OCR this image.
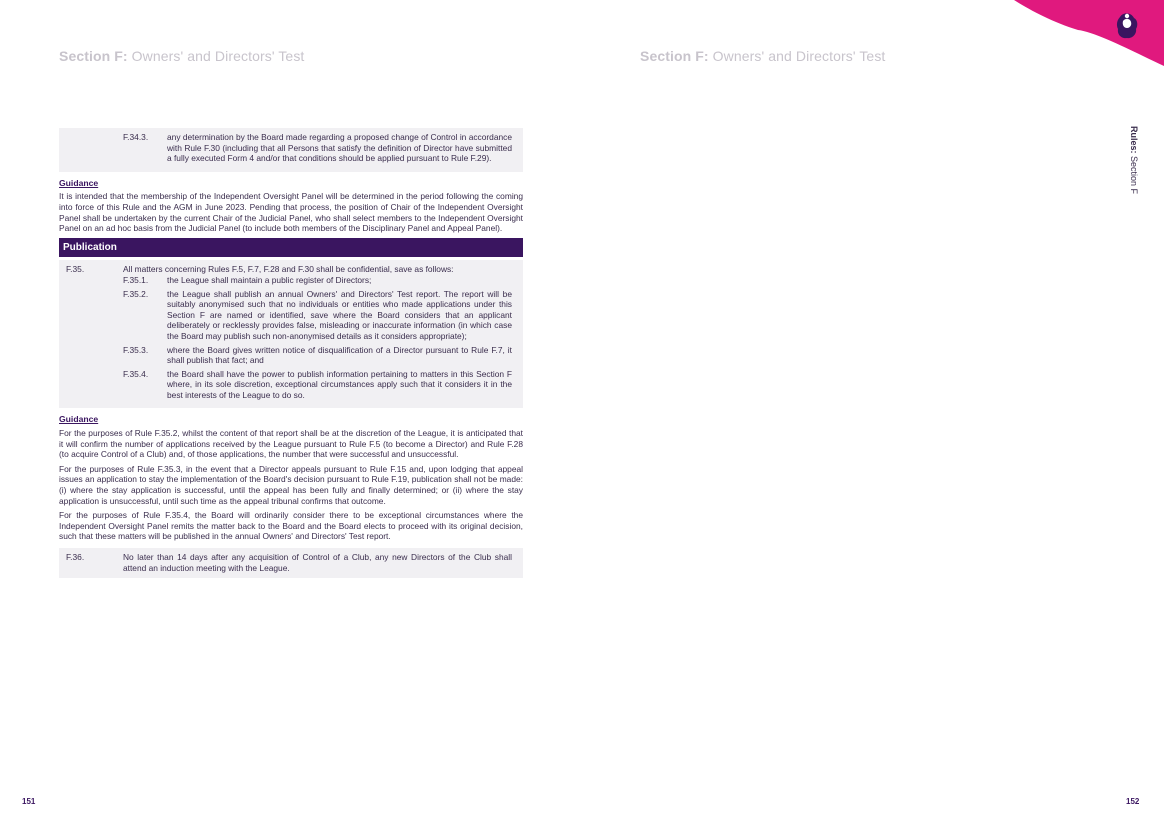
Section F: Owners' and Directors' Test	Section F: Owners' and Directors' Test
Rules: Section F
F.34.3.	any determination by the Board made regarding a proposed change of Control in accordance with Rule F.30 (including that all Persons that satisfy the definition of Director have submitted a fully executed Form 4 and/or that conditions should be applied pursuant to Rule F.29).
Guidance

It is intended that the membership of the Independent Oversight Panel will be determined in the period following the coming into force of this Rule and the AGM in June 2023. Pending that process, the position of Chair of the Independent Oversight Panel shall be undertaken by the current Chair of the Judicial Panel, who shall select members to the Independent Oversight Panel on an ad hoc basis from the Judicial Panel (to include both members of the Disciplinary Panel and Appeal Panel).

Publication
F.35.	All matters concerning Rules F.5, F.7, F.28 and F.30 shall be confidential, save as follows:
F.35.1.	the League shall maintain a public register of Directors;
F.35.2.	the League shall publish an annual Owners' and Directors' Test report. The report will be suitably anonymised such that no individuals or entities who made applications under this Section F are named or identified, save where the Board considers that an applicant deliberately or recklessly provides false, misleading or inaccurate information (in which case the Board may publish such non-anonymised details as it considers appropriate);
F.35.3.	where the Board gives written notice of disqualification of a Director pursuant to Rule F.7, it shall publish that fact; and
F.35.4.	the Board shall have the power to publish information pertaining to matters in this Section F where, in its sole discretion, exceptional circumstances apply such that it considers it in the best interests of the League to do so.
Guidance

For the purposes of Rule F.35.2, whilst the content of that report shall be at the discretion of the League, it is anticipated that it will confirm the number of applications received by the League pursuant to Rule F.5 (to become a Director) and Rule F.28 (to acquire Control of a Club) and, of those applications, the number that were successful and unsuccessful.

For the purposes of Rule F.35.3, in the event that a Director appeals pursuant to Rule F.15 and, upon lodging that appeal issues an application to stay the implementation of the Board's decision pursuant to Rule F.19, publication shall not be made: (i) where the stay application is successful, until the appeal has been fully and finally determined; or (ii) where the stay application is unsuccessful, until such time as the appeal tribunal confirms that outcome.

For the purposes of Rule F.35.4, the Board will ordinarily consider there to be exceptional circumstances where the Independent Oversight Panel remits the matter back to the Board and the Board elects to proceed with its original decision, such that these matters will be published in the annual Owners' and Directors' Test report.

F.36.	No later than 14 days after any acquisition of Control of a Club, any new Directors of the Club shall attend an induction meeting with the League.
151	152
